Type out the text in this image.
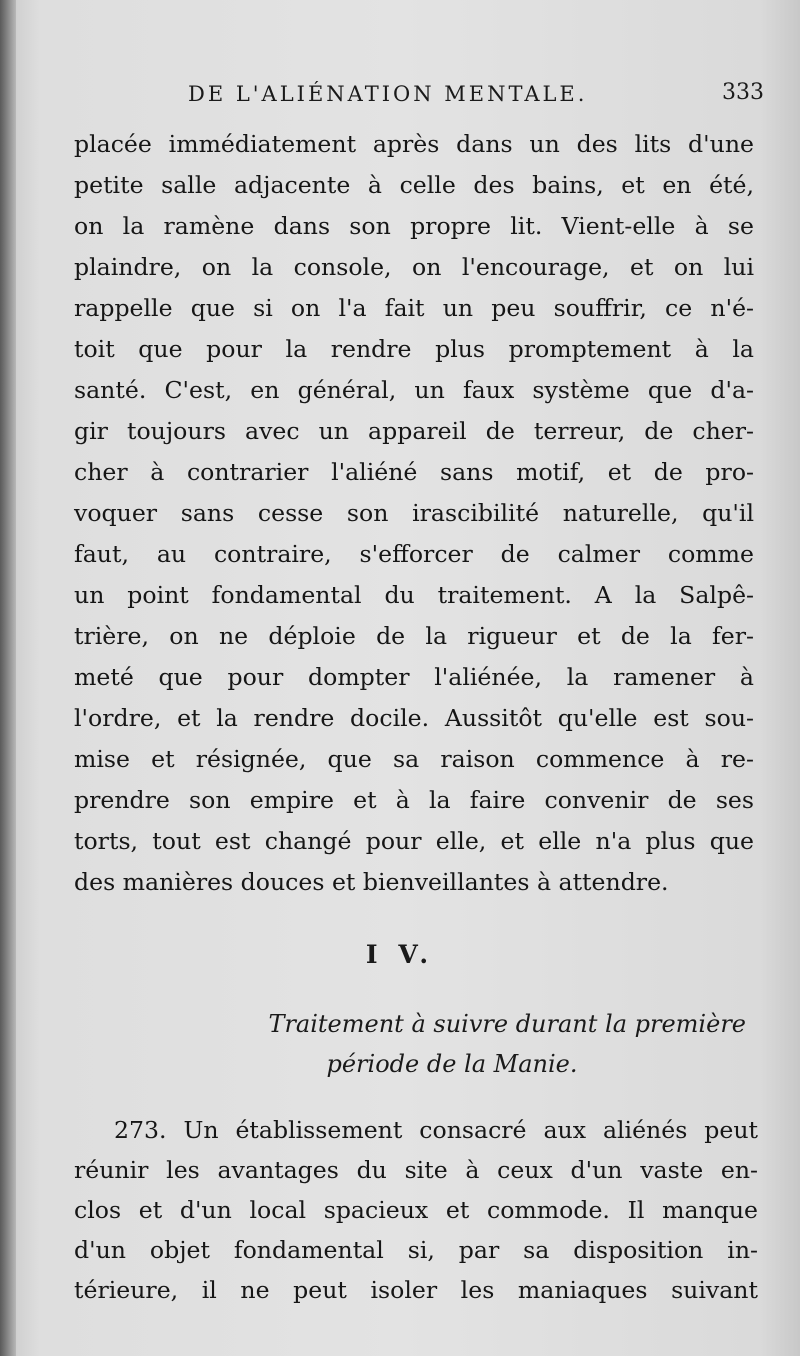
DE L'ALIÉNATION MENTALE.	333
placée immédiatement après dans un des lits d'une
petite salle adjacente à celle des bains, et en été,
on la ramène dans son propre lit. Vient-elle à se
plaindre, on la console, on l'encourage, et on lui
rappelle que si on l'a fait un peu souffrir, ce n'é-
toit que pour la rendre plus promptement à la
santé. C'est, en général, un faux système que d'a-
gir toujours avec un appareil de terreur, de cher-
cher à contrarier l'aliéné sans motif, et de pro-
voquer sans cesse son irascibilité naturelle, qu'il
faut, au contraire, s'efforcer de calmer comme
un point fondamental du traitement. A la Salpê-
trière, on ne déploie de la rigueur et de la fer-
meté que pour dompter l'aliénée, la ramener à
l'ordre, et la rendre docile. Aussitôt qu'elle est sou-
mise et résignée, que sa raison commence à re-
prendre son empire et à la faire convenir de ses
torts, tout est changé pour elle, et elle n'a plus que
des manières douces et bienveillantes à attendre.
I V.
Traitement à suivre durant la première
période de la Manie.
273. Un établissement consacré aux aliénés peut
réunir les avantages du site à ceux d'un vaste en-
clos et d'un local spacieux et commode. Il manque
d'un objet fondamental si, par sa disposition in-
térieure, il ne peut isoler les maniaques suivant
